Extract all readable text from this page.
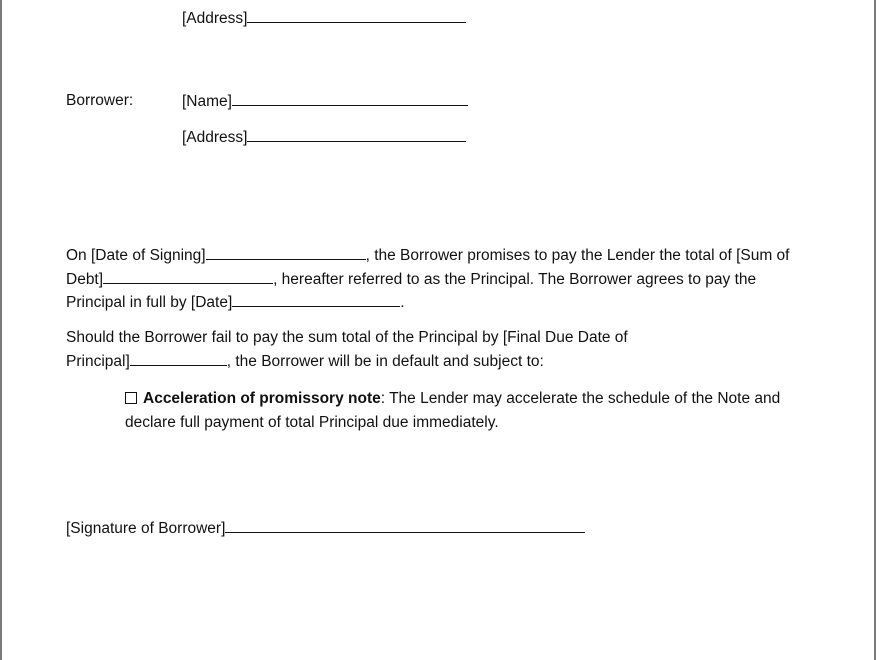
[Address]
Borrower:	[Name]
[Address]
On [Date of Signing]	, the Borrower promises to pay the Lender the total of [Sum of
Debt]	, hereafter referred to as the Principal. The Borrower agrees to pay the
Principal in full by [Date]	.
Should the Borrower fail to pay the sum total of the Principal by [Final Due Date of
Principal]	, the Borrower will be in default and subject to:
Acceleration of promissory note: The Lender may accelerate the schedule of the Note and
declare full payment of total Principal due immediately.
[Signature of Borrower]
